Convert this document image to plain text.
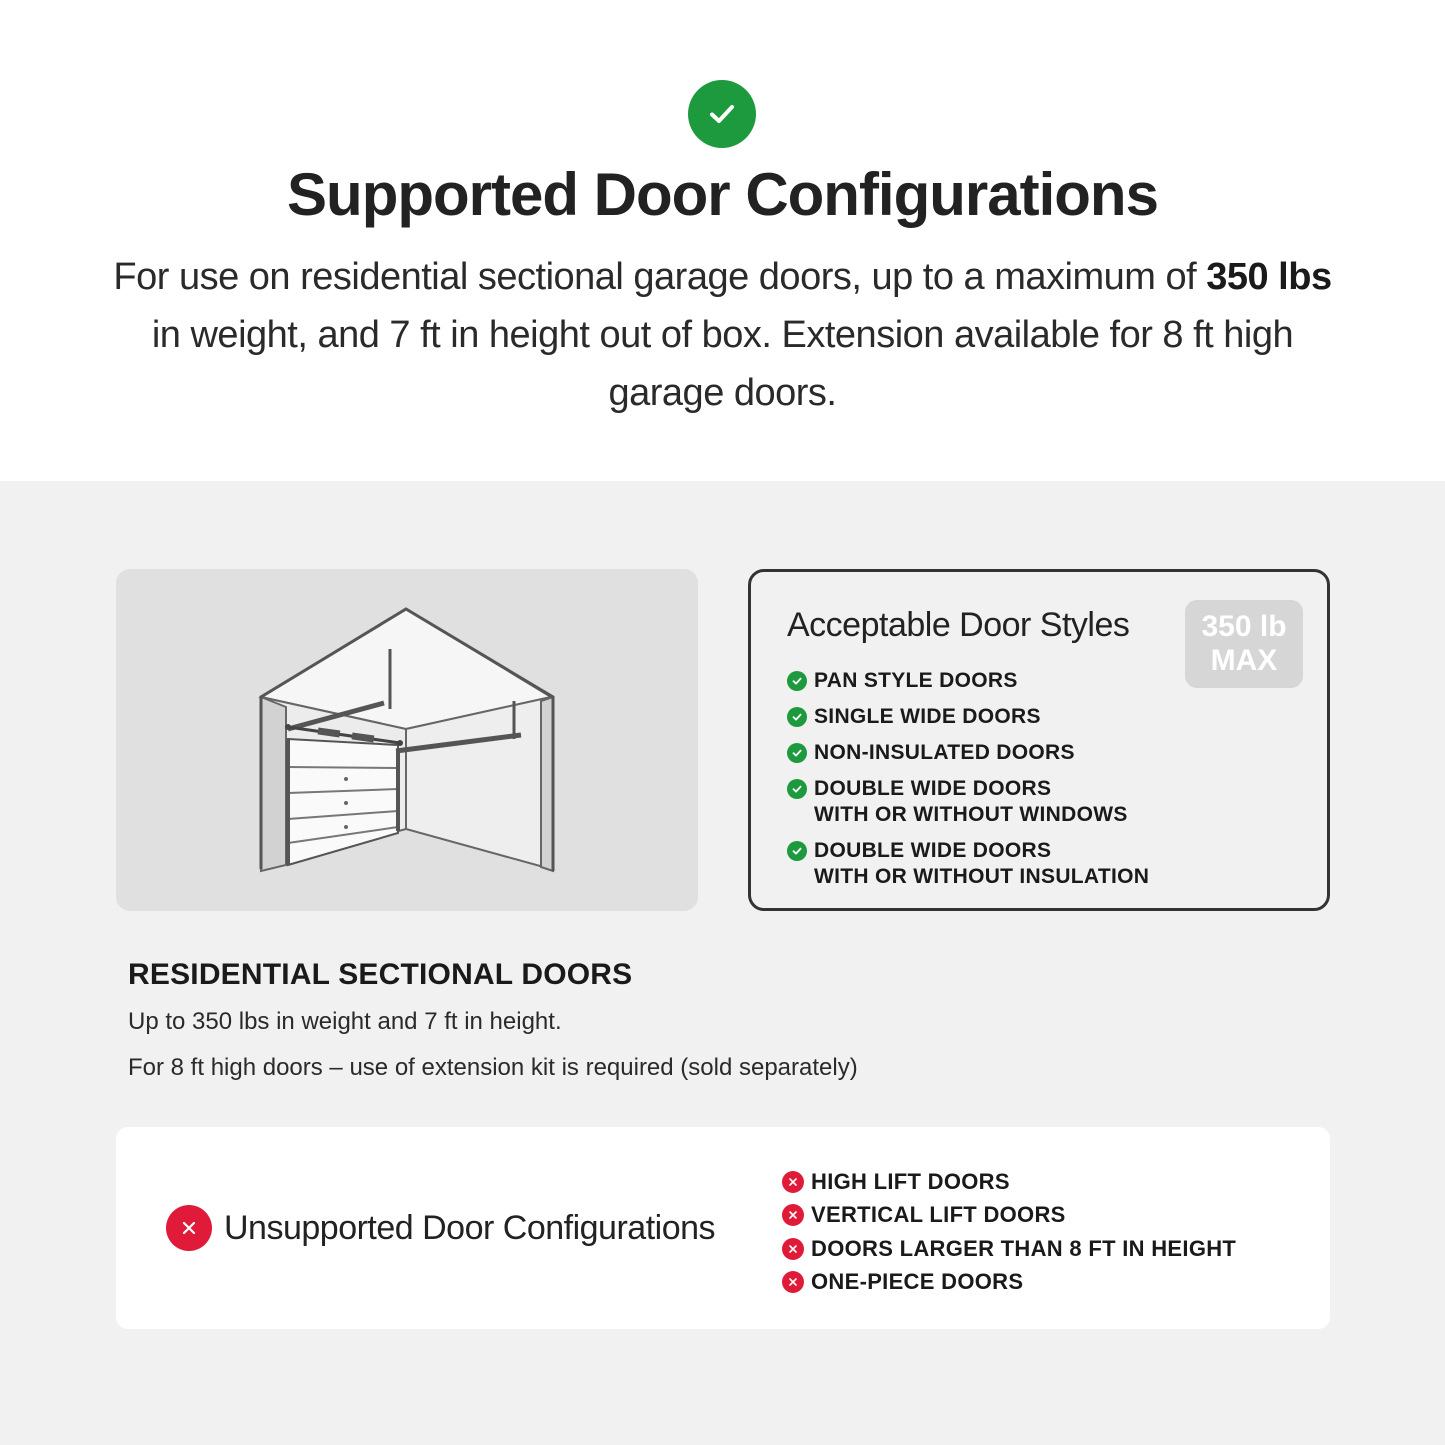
Supported Door Configurations

For use on residential sectional garage doors, up to a maximum of 350 lbs in weight, and 7 ft in height out of box. Extension available for 8 ft high garage doors.

Acceptable Door Styles	350 lb
MAX
PAN STYLE DOORS
SINGLE WIDE DOORS
NON-INSULATED DOORS
DOUBLE WIDE DOORS
WITH OR WITHOUT WINDOWS
DOUBLE WIDE DOORS
WITH OR WITHOUT INSULATION
RESIDENTIAL SECTIONAL DOORS

Up to 350 lbs in weight and 7 ft in height.

For 8 ft high doors – use of extension kit is required (sold separately)

Unsupported Door Configurations
HIGH LIFT DOORS
VERTICAL LIFT DOORS
DOORS LARGER THAN 8 FT IN HEIGHT
ONE-PIECE DOORS
